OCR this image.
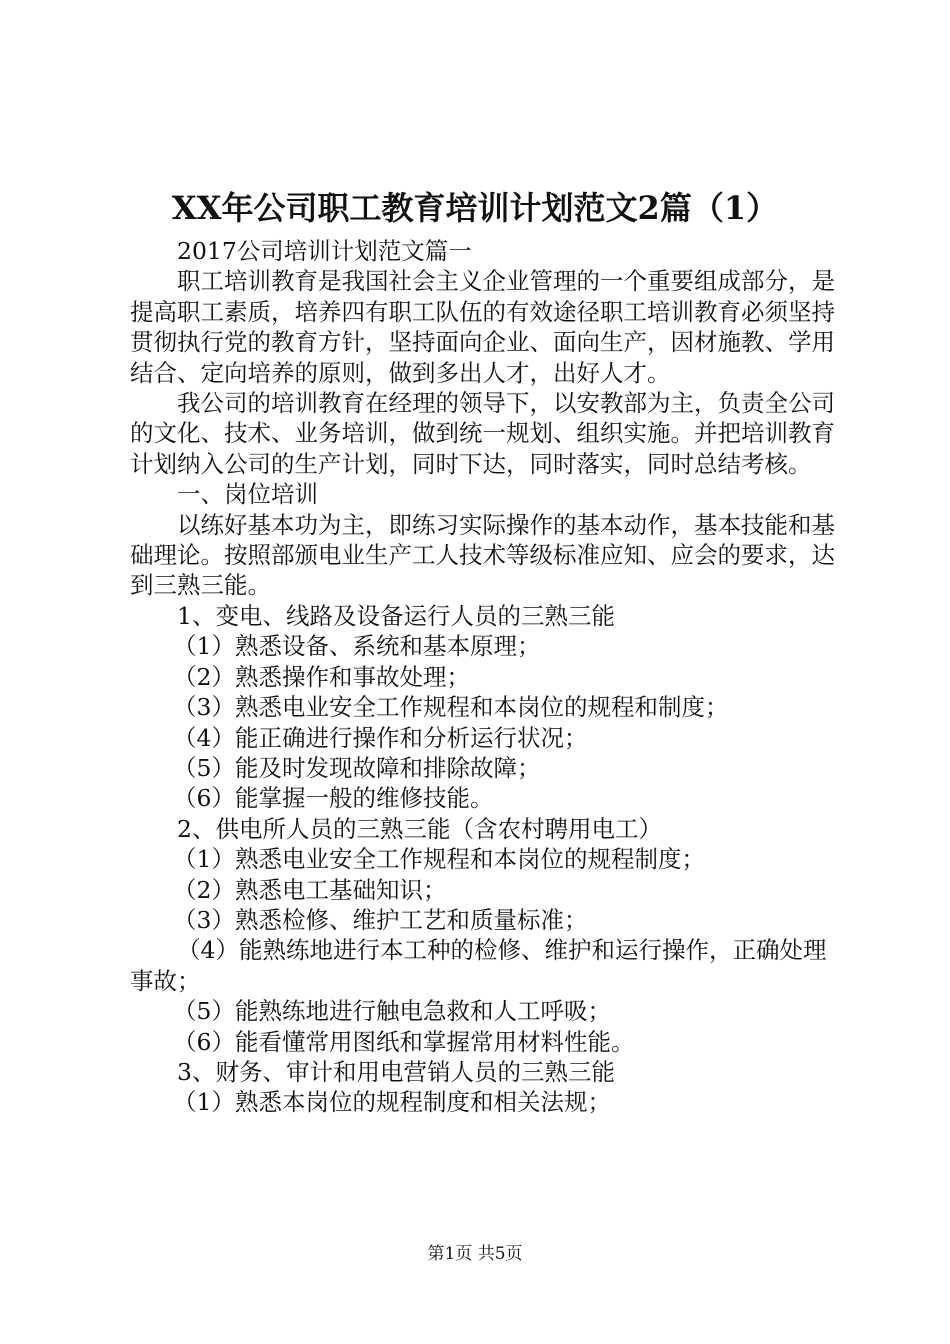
XX年公司职工教育培训计划范文2篇（1）

2017公司培训计划范文篇一

职工培训教育是我国社会主义企业管理的一个重要组成部分，是提高职工素质，培养四有职工队伍的有效途径职工培训教育必须坚持贯彻执行党的教育方针，坚持面向企业、面向生产，因材施教、学用结合、定向培养的原则，做到多出人才，出好人才。

我公司的培训教育在经理的领导下，以安教部为主，负责全公司的文化、技术、业务培训，做到统一规划、组织实施。并把培训教育计划纳入公司的生产计划，同时下达，同时落实，同时总结考核。

一、岗位培训

以练好基本功为主，即练习实际操作的基本动作，基本技能和基础理论。按照部颁电业生产工人技术等级标准应知、应会的要求，达到三熟三能。

1、变电、线路及设备运行人员的三熟三能

（1）熟悉设备、系统和基本原理；

（2）熟悉操作和事故处理；

（3）熟悉电业安全工作规程和本岗位的规程和制度；

（4）能正确进行操作和分析运行状况；

（5）能及时发现故障和排除故障；

（6）能掌握一般的维修技能。

2、供电所人员的三熟三能（含农村聘用电工）

（1）熟悉电业安全工作规程和本岗位的规程制度；

（2）熟悉电工基础知识；

（3）熟悉检修、维护工艺和质量标准；

（4）能熟练地进行本工种的检修、维护和运行操作，正确处理事故；

（5）能熟练地进行触电急救和人工呼吸；

（6）能看懂常用图纸和掌握常用材料性能。

3、财务、审计和用电营销人员的三熟三能

（1）熟悉本岗位的规程制度和相关法规；

第1页 共5页
